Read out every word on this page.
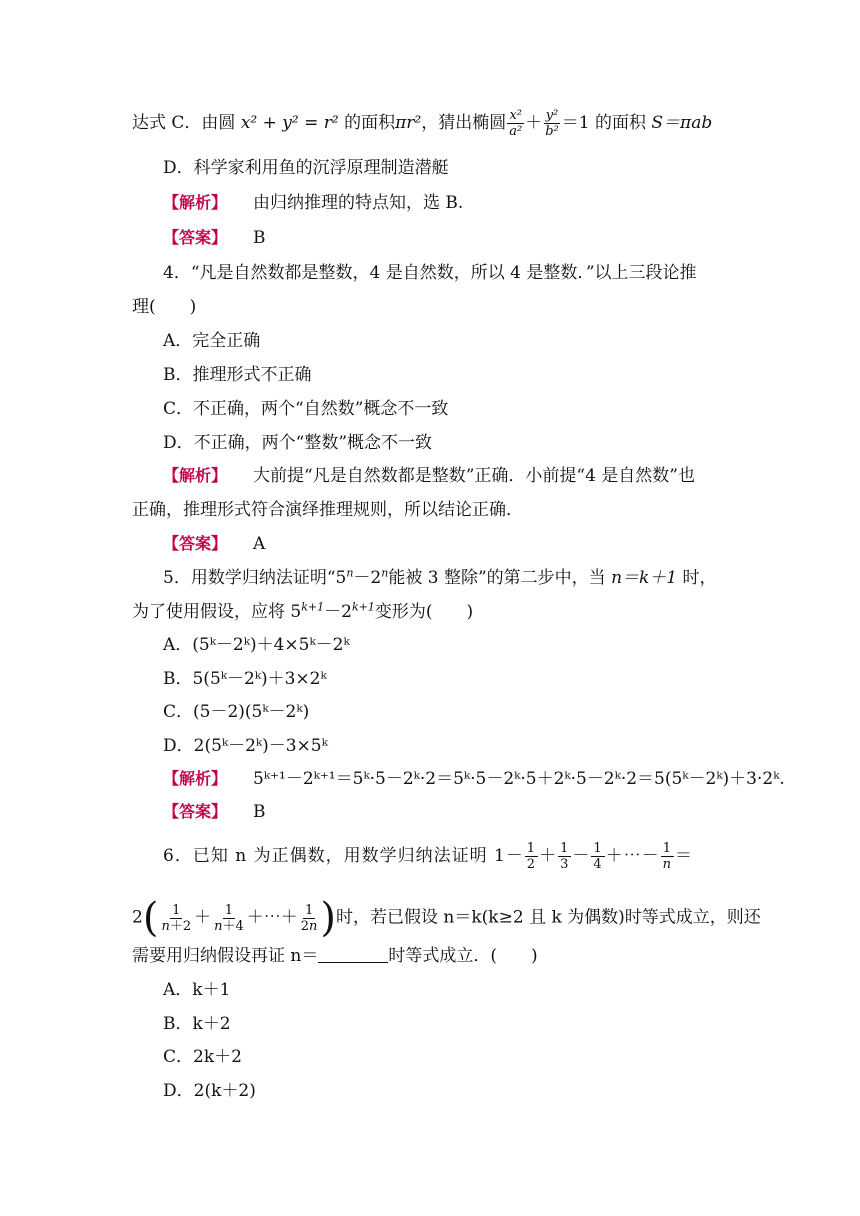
达式 C．由圆 x² + y² = r² 的面积πr²，猜出椭圆 $\frac{\text{x²}}{\text{a²}} + \frac{\text{y²}}{\text{b²}} =1$ 的面积 S＝πab
D．科学家利用鱼的沉浮原理制造潜艇
【解析】 由归纳推理的特点知，选 B.
【答案】 B
4．“凡是自然数都是整数，4 是自然数，所以 4 是整数．”以上三段论推
理(　　)
A．完全正确
B．推理形式不正确
C．不正确，两个“自然数”概念不一致
D．不正确，两个“整数”概念不一致
【解析】 大前提“凡是自然数都是整数”正确．小前提“4 是自然数”也
正确，推理形式符合演绎推理规则，所以结论正确．
【答案】 A
5．用数学归纳法证明“$5^n-2^n$能被 3 整除”的第二步中，当 n＝k＋1 时，
为了使用假设，应将 $5^{k+1}-2^{k+1}$变形为(　　)
A．(5ᵏ－2ᵏ)＋4×5ᵏ－2ᵏ
B．5(5ᵏ－2ᵏ)＋3×2ᵏ
C．(5－2)(5ᵏ－2ᵏ)
D．2(5ᵏ－2ᵏ)－3×5ᵏ
【解析】 5ᵏ⁺¹－2ᵏ⁺¹＝5ᵏ·5－2ᵏ·2＝5ᵏ·5－2ᵏ·5＋2ᵏ·5－2ᵏ·2＝5(5ᵏ－2ᵏ)＋3·2ᵏ.
【答案】 B
6．已知 n 为正偶数，用数学归纳法证明 $1- \frac{1}{2} + \frac{1}{3} - \frac{1}{4}$ ＋⋯－ $\frac{1}{n}$ ＝
$2( \frac{1}{n+2} + \frac{1}{n+4}$ ＋⋯＋ $\frac{1}{2n}$ )时，若已假设 n＝k(k≥2 且 k 为偶数)时等式成立，则还
需要用归纳假设再证 n＝	时等式成立．(　　)
A．k＋1
B．k＋2
C．2k＋2
D．2(k＋2)
